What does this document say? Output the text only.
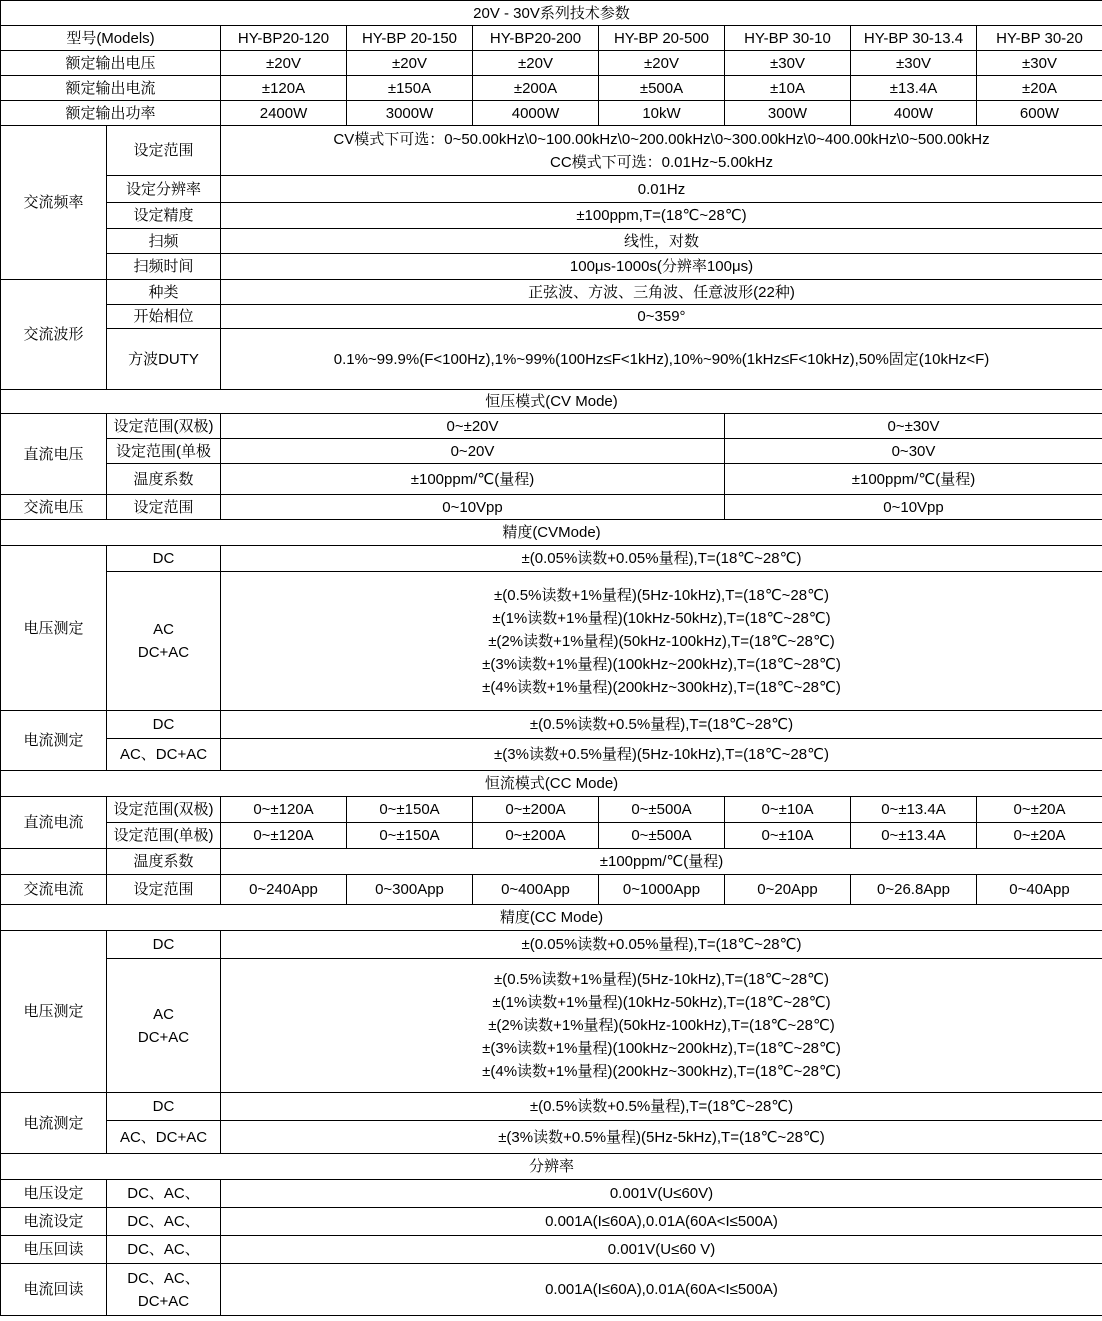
20V - 30V系列技术参数								
型号(Models)		HY-BP20-120	HY-BP 20-150	HY-BP20-200	HY-BP 20-500	HY-BP 30-10	HY-BP 30-13.4	HY-BP 30-20
额定输出电压		±20V	±20V	±20V	±20V	±30V	±30V	±30V
额定输出电流		±120A	±150A	±200A	±500A	±10A	±13.4A	±20A
额定输出功率		2400W	3000W	4000W	10kW	300W	400W	600W
交流频率	设定范围	CV模式下可选：0~50.00kHz\0~100.00kHz\0~200.00kHz\0~300.00kHz\0~400.00kHz\0~500.00kHz
CC模式下可选：0.01Hz~5.00kHz						

	设定分辨率	0.01Hz						
	设定精度	±100ppm,T=(18℃~28℃)						
	扫频	线性，对数						
	扫频时间	100μs-1000s(分辨率100μs)						
交流波形	种类	正弦波、方波、三角波、任意波形(22种)						
	开始相位	0~359°						
	方波DUTY	0.1%~99.9%(F<100Hz),1%~99%(100Hz≤F<1kHz),10%~90%(1kHz≤F<10kHz),50%固定(10kHz<F)						
恒压模式(CV Mode)								
直流电压	设定范围(双极)	0~±20V				0~±30V		
	设定范围(单极	0~20V				0~30V		
	温度系数	±100ppm/℃(量程)				±100ppm/℃(量程)		
交流电压	设定范围	0~10Vpp				0~10Vpp		
精度(CVMode)								
电压测定	DC	±(0.05%读数+0.05%量程),T=(18℃~28℃)						

	AC
DC+AC	±(0.5%读数+1%量程)(5Hz-10kHz),T=(18℃~28℃)
±(1%读数+1%量程)(10kHz-50kHz),T=(18℃~28℃)
±(2%读数+1%量程)(50kHz-100kHz),T=(18℃~28℃)
±(3%读数+1%量程)(100kHz~200kHz),T=(18℃~28℃)
±(4%读数+1%量程)(200kHz~300kHz),T=(18℃~28℃)						

电流测定	DC	±(0.5%读数+0.5%量程),T=(18℃~28℃)						
	AC、DC+AC	±(3%读数+0.5%量程)(5Hz-10kHz),T=(18℃~28℃)						
恒流模式(CC Mode)								
直流电流	设定范围(双极)	0~±120A	0~±150A	0~±200A	0~±500A	0~±10A	0~±13.4A	0~±20A
	设定范围(单极)	0~±120A	0~±150A	0~±200A	0~±500A	0~±10A	0~±13.4A	0~±20A
	温度系数	±100ppm/℃(量程)						
交流电流	设定范围	0~240App	0~300App	0~400App	0~1000App	0~20App	0~26.8App	0~40App
精度(CC Mode)								
电压测定	DC	±(0.05%读数+0.05%量程),T=(18℃~28℃)						

	AC
DC+AC	±(0.5%读数+1%量程)(5Hz-10kHz),T=(18℃~28℃)
±(1%读数+1%量程)(10kHz-50kHz),T=(18℃~28℃)
±(2%读数+1%量程)(50kHz-100kHz),T=(18℃~28℃)
±(3%读数+1%量程)(100kHz~200kHz),T=(18℃~28℃)
±(4%读数+1%量程)(200kHz~300kHz),T=(18℃~28℃)						

电流测定	DC	±(0.5%读数+0.5%量程),T=(18℃~28℃)						
	AC、DC+AC	±(3%读数+0.5%量程)(5Hz-5kHz),T=(18℃~28℃)						
分辨率								
电压设定	DC、AC、	0.001V(U≤60V)						
电流设定	DC、AC、	0.001A(I≤60A),0.01A(60A<I≤500A)						
电压回读	DC、AC、	0.001V(U≤60 V)						
电流回读	DC、AC、
DC+AC	0.001A(I≤60A),0.01A(60A<I≤500A)						
